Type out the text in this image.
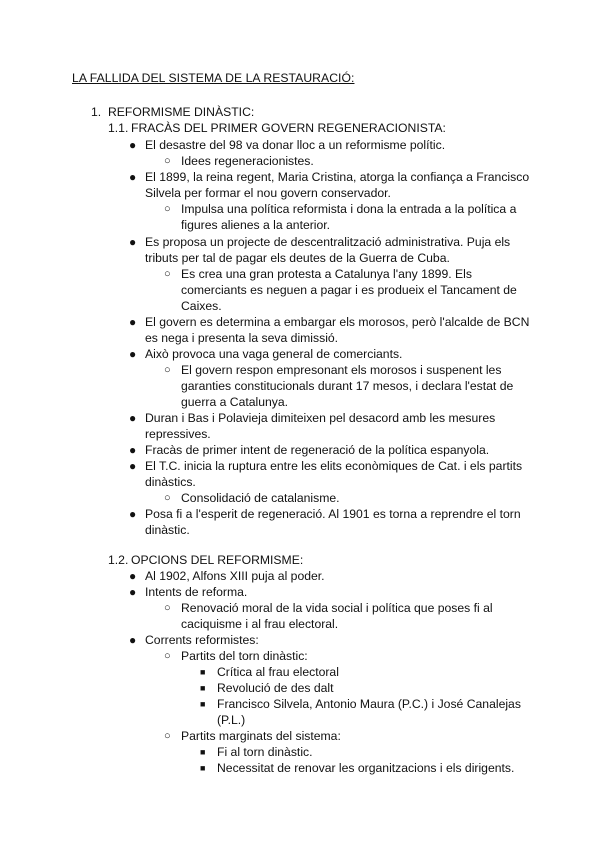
LA FALLIDA DEL SISTEMA DE LA RESTAURACIÓ:
1. REFORMISME DINÀSTIC:
1.1. FRACÀS DEL PRIMER GOVERN REGENERACIONISTA:
● El desastre del 98 va donar lloc a un reformisme polític.
○ Idees regeneracionistes.
● El 1899, la reina regent, Maria Cristina, atorga la confiança a Francisco
Silvela per formar el nou govern conservador.
○ Impulsa una política reformista i dona la entrada a la política a
figures alienes a la anterior.
● Es proposa un projecte de descentralització administrativa. Puja els
tributs per tal de pagar els deutes de la Guerra de Cuba.
○ Es crea una gran protesta a Catalunya l'any 1899. Els
comerciants es neguen a pagar i es produeix el Tancament de
Caixes.
● El govern es determina a embargar els morosos, però l'alcalde de BCN
es nega i presenta la seva dimissió.
● Això provoca una vaga general de comerciants.
○ El govern respon empresonant els morosos i suspenent les
garanties constitucionals durant 17 mesos, i declara l'estat de
guerra a Catalunya.
● Duran i Bas i Polavieja dimiteixen pel desacord amb les mesures
repressives.
● Fracàs de primer intent de regeneració de la política espanyola.
● El T.C. inicia la ruptura entre les elits econòmiques de Cat. i els partits
dinàstics.
○ Consolidació de catalanisme.
● Posa fi a l'esperit de regeneració. Al 1901 es torna a reprendre el torn
dinàstic.
1.2. OPCIONS DEL REFORMISME:
● Al 1902, Alfons XIII puja al poder.
● Intents de reforma.
○ Renovació moral de la vida social i política que poses fi al
caciquisme i al frau electoral.
● Corrents reformistes:
○ Partits del torn dinàstic:
■ Crítica al frau electoral
■ Revolució de des dalt
■ Francisco Silvela, Antonio Maura (P.C.) i José Canalejas
(P.L.)
○ Partits marginats del sistema:
■ Fi al torn dinàstic.
■ Necessitat de renovar les organitzacions i els dirigents.
